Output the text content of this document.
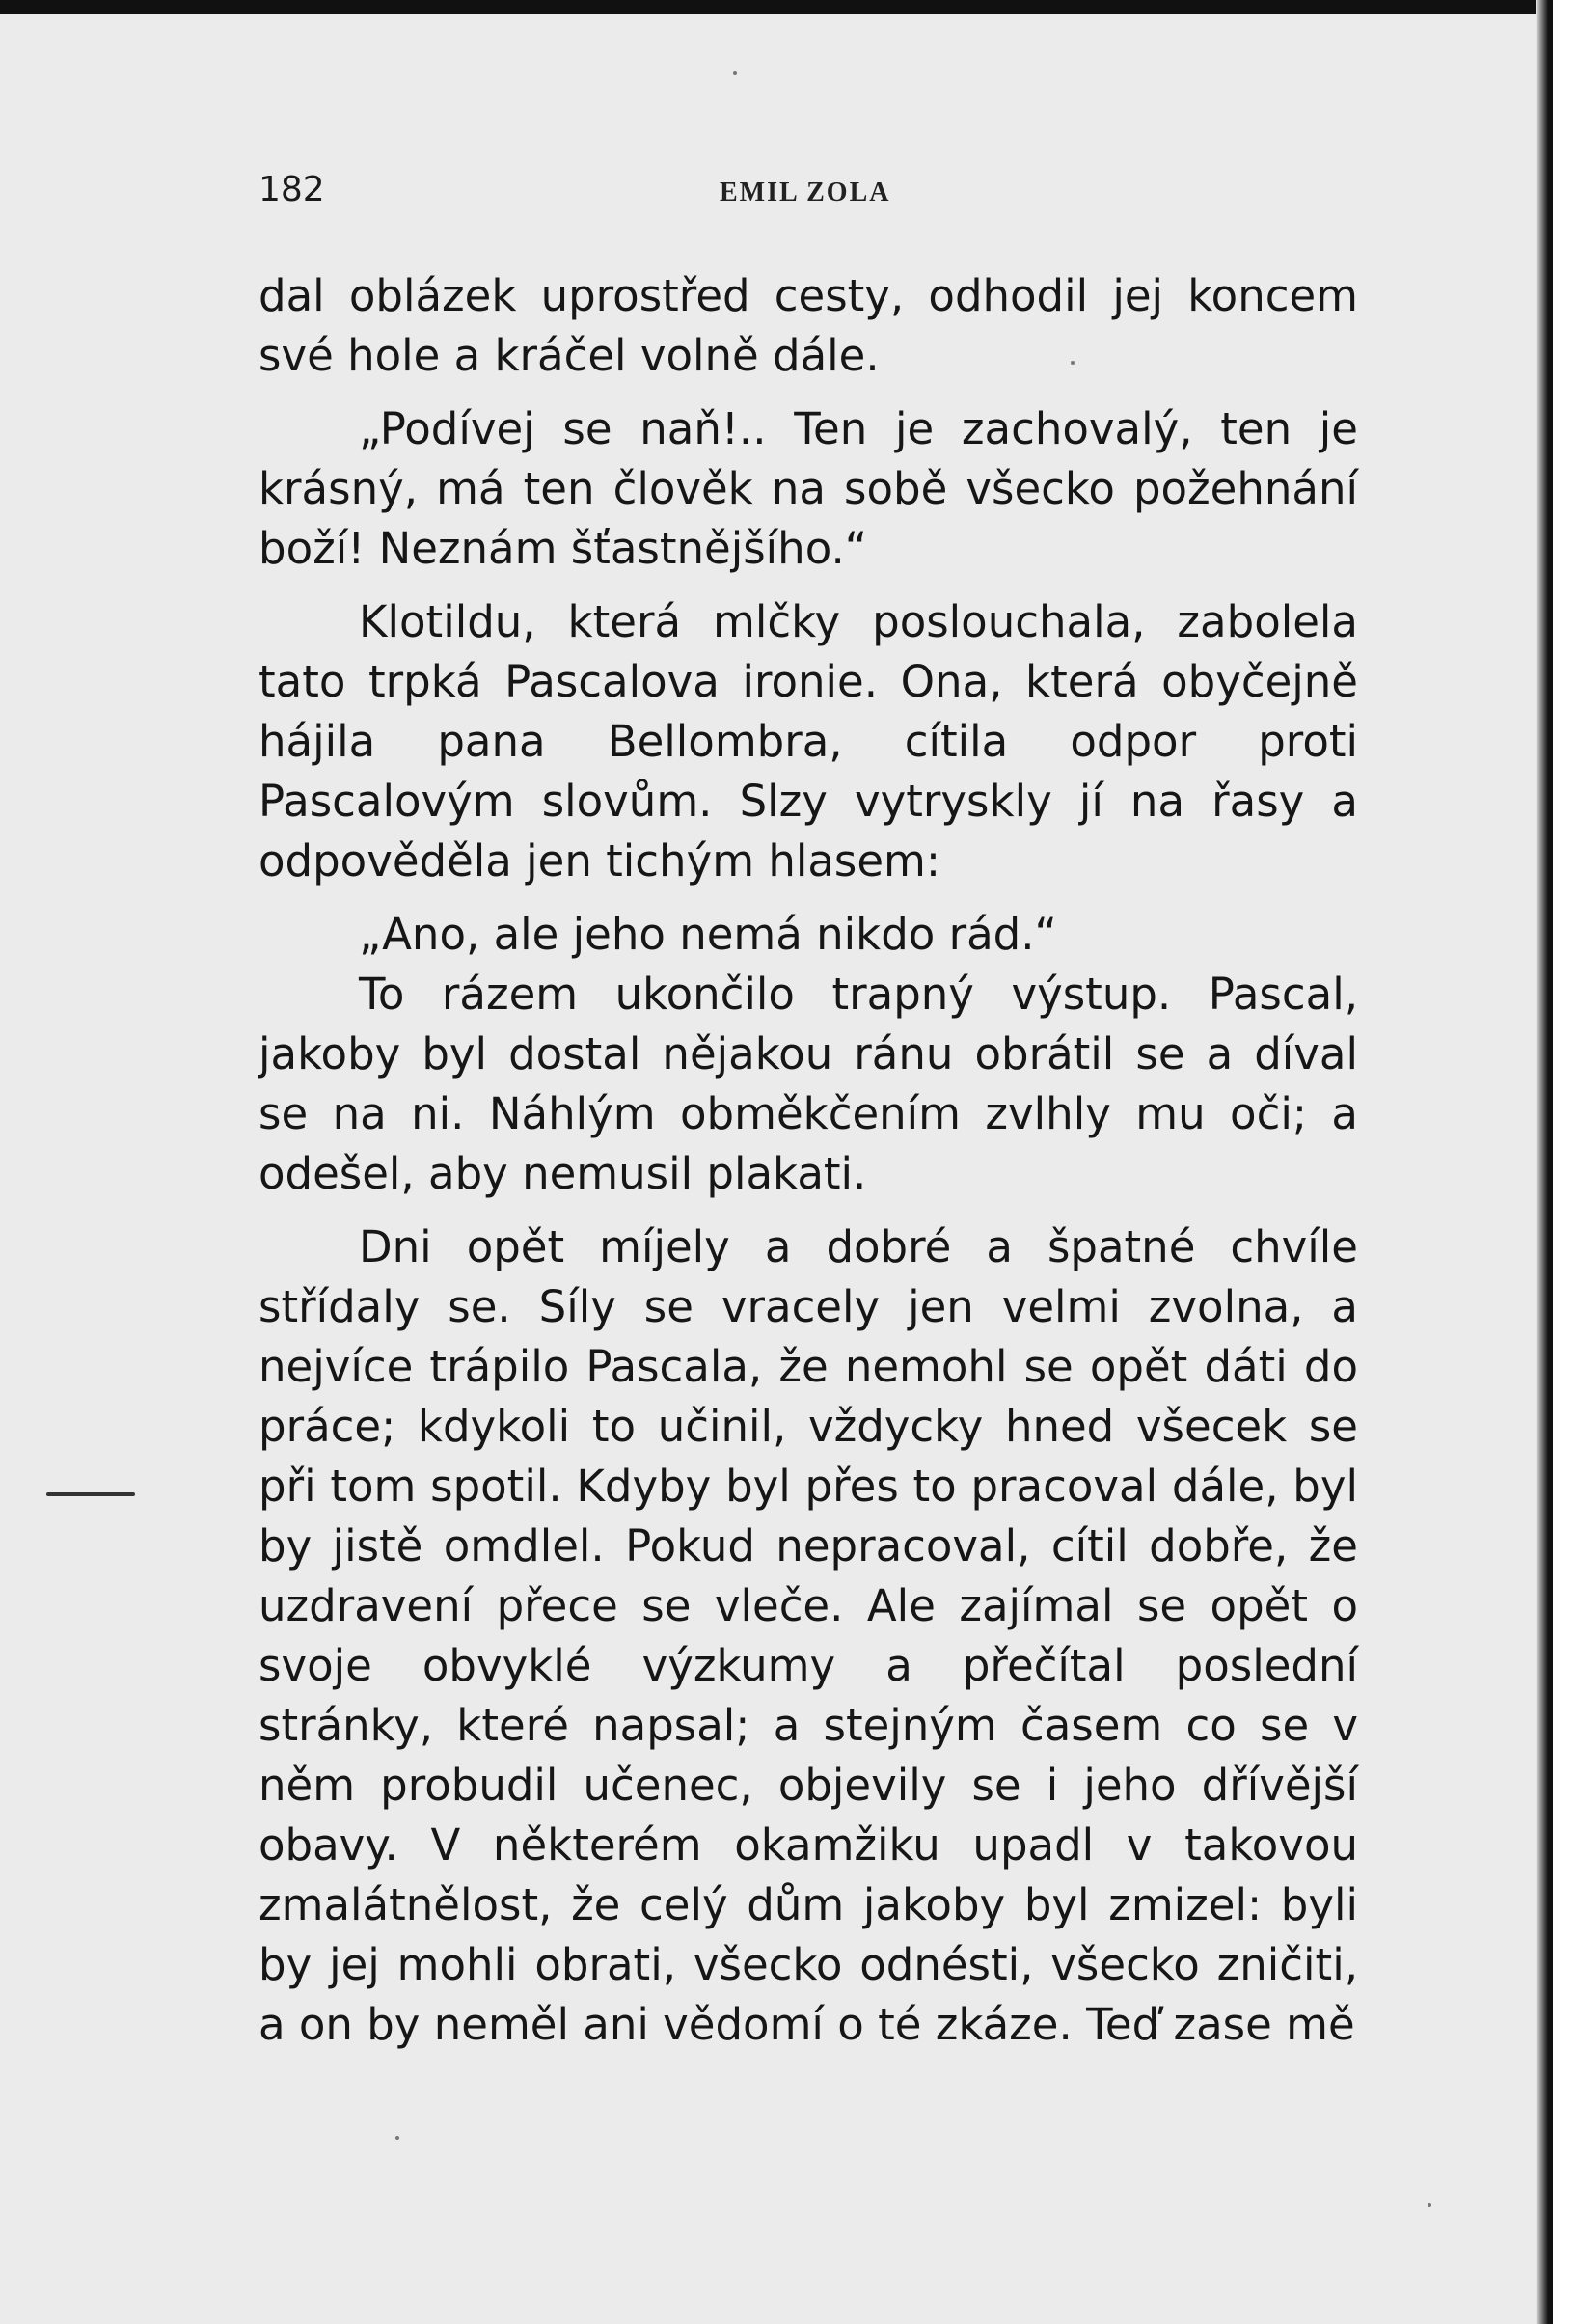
182	EMIL ZOLA

dal oblázek uprostřed cesty, odhodil jej koncem své hole a kráčel volně dále.

„Podívej se naň!.. Ten je zachovalý, ten je krásný, má ten člověk na sobě všecko požehnání boží! Neznám šťastnějšího.“

Klotildu, která mlčky poslouchala, zabolela tato trpká Pascalova ironie. Ona, která obyčejně hájila pana Bellombra, cítila odpor proti Pascalovým slovům. Slzy vytryskly jí na řasy a odpověděla jen tichým hlasem:

„Ano, ale jeho nemá nikdo rád.“

To rázem ukončilo trapný výstup. Pascal, jakoby byl dostal nějakou ránu obrátil se a díval se na ni. Náhlým obměkčením zvlhly mu oči; a odešel, aby nemusil plakati.

Dni opět míjely a dobré a špatné chvíle střídaly se. Síly se vracely jen velmi zvolna, a nejvíce trápilo Pascala, že nemohl se opět dáti do práce; kdykoli to učinil, vždycky hned všecek se při tom spotil. Kdyby byl přes to pracoval dále, byl by jistě omdlel. Pokud nepracoval, cítil dobře, že uzdravení přece se vleče. Ale zajímal se opět o svoje obvyklé výzkumy a přečítal poslední stránky, které napsal; a stejným časem co se v něm probudil učenec, objevily se i jeho dřívější obavy. V některém okamžiku upadl v takovou zmalátnělost, že celý dům jakoby byl zmizel: byli by jej mohli obrati, všecko odnésti, všecko zničiti, a on by neměl ani vědomí o té zkáze. Teď zase mě
